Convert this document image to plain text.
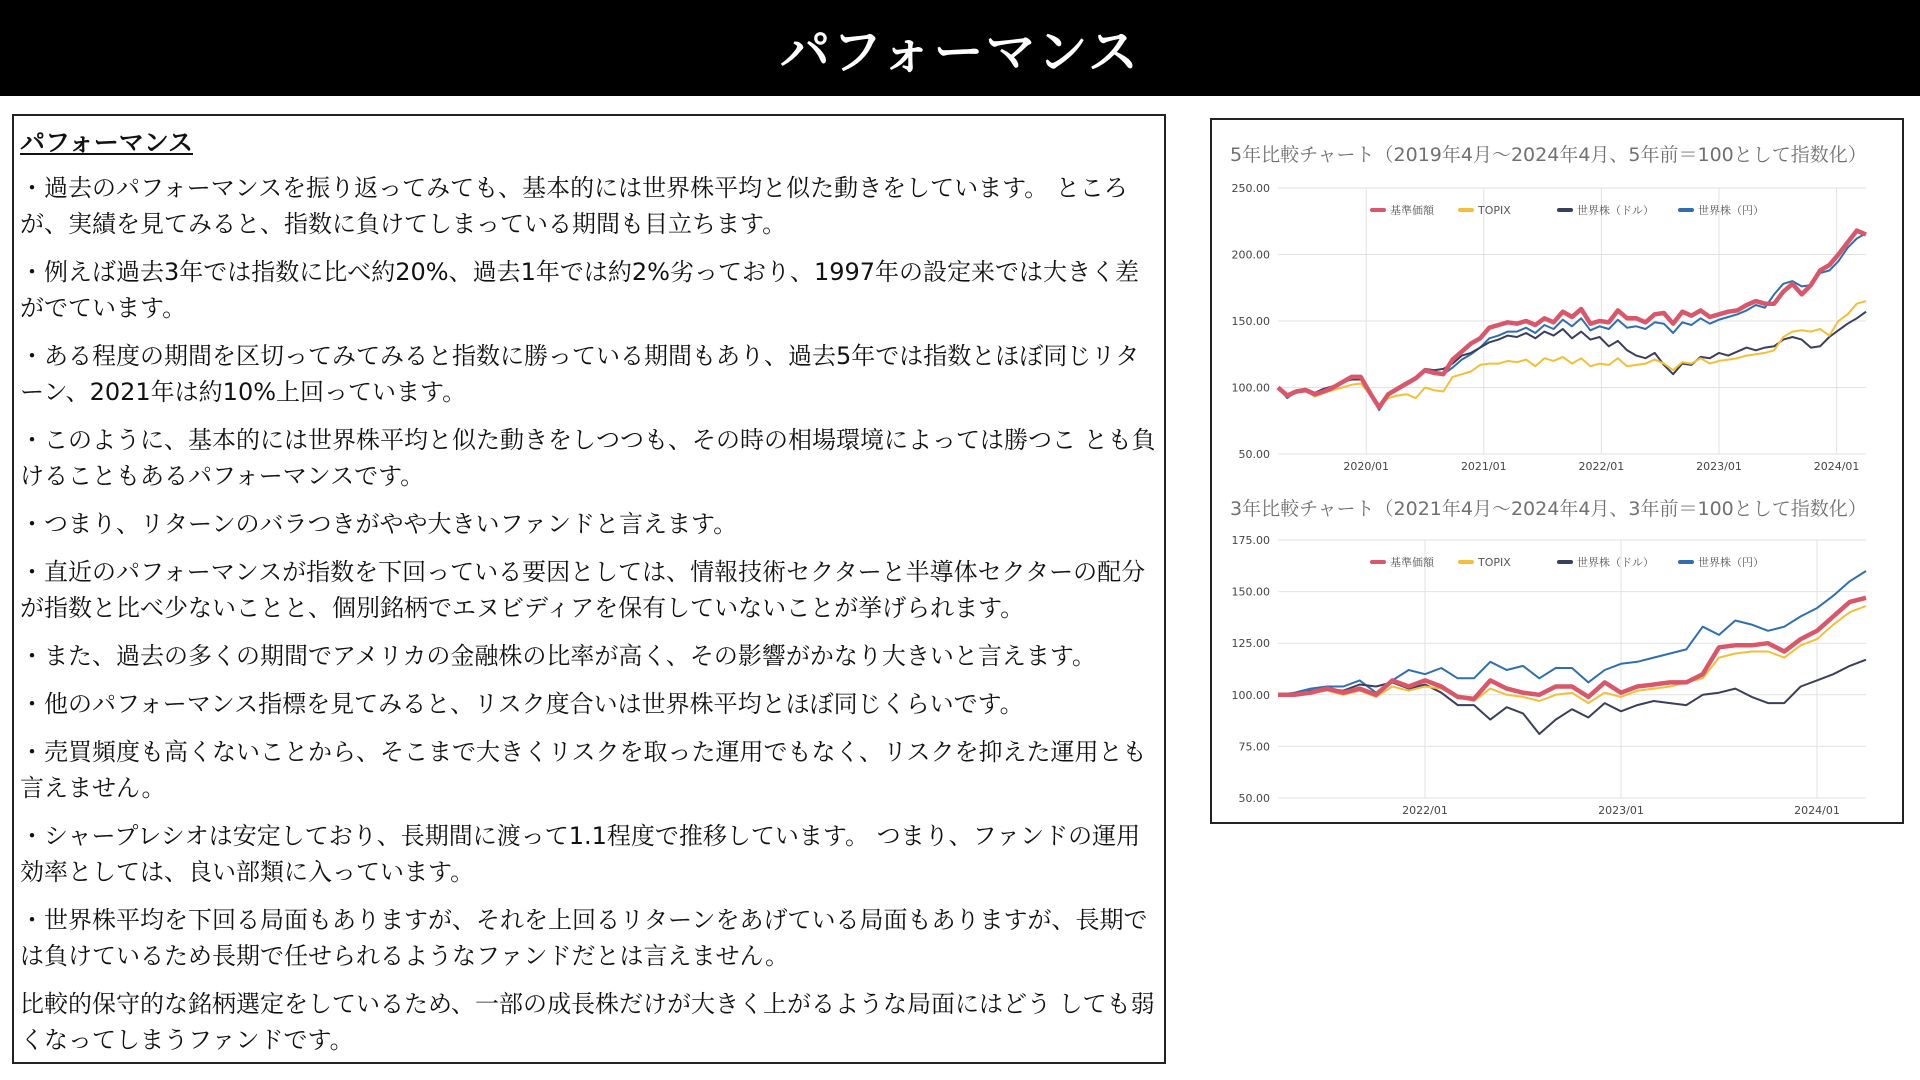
パフォーマンス
パフォーマンス

・過去のパフォーマンスを振り返ってみても、基本的には世界株平均と似た動きをしています。 ところが、実績を見てみると、指数に負けてしまっている期間も目立ちます。

・例えば過去3年では指数に比べ約20%、過去1年では約2%劣っており、1997年の設定来では大きく差がでています。

・ある程度の期間を区切ってみてみると指数に勝っている期間もあり、過去5年では指数とほぼ同じリターン、2021年は約10%上回っています。

・このように、基本的には世界株平均と似た動きをしつつも、その時の相場環境によっては勝つこ とも負けることもあるパフォーマンスです。

・つまり、リターンのバラつきがやや大きいファンドと言えます。

・直近のパフォーマンスが指数を下回っている要因としては、情報技術セクターと半導体セクターの配分が指数と比べ少ないことと、個別銘柄でエヌビディアを保有していないことが挙げられます。

・また、過去の多くの期間でアメリカの金融株の比率が高く、その影響がかなり大きいと言えます。

・他のパフォーマンス指標を見てみると、リスク度合いは世界株平均とほぼ同じくらいです。

・売買頻度も高くないことから、そこまで大きくリスクを取った運用でもなく、リスクを抑えた運用とも言えません。

・シャープレシオは安定しており、長期間に渡って1.1程度で推移しています。 つまり、ファンドの運用効率としては、良い部類に入っています。

・世界株平均を下回る局面もありますが、それを上回るリターンをあげている局面もありますが、長期では負けているため長期で任せられるようなファンドだとは言えません。

比較的保守的な銘柄選定をしているため、一部の成長株だけが大きく上がるような局面にはどう しても弱くなってしまうファンドです。

5年比較チャート（2019年4月～2024年4月、5年前＝100として指数化）
250.00
200.00
150.00
100.00
50.00
2020/01	2021/01	2022/01	2023/01	2024/01
基準価額	TOPIX	世界株（ドル）	世界株（円）
3年比較チャート（2021年4月～2024年4月、3年前＝100として指数化）
175.00
150.00
125.00
100.00
75.00
50.00
2022/01	2023/01	2024/01
基準価額	TOPIX	世界株（ドル）	世界株（円）
